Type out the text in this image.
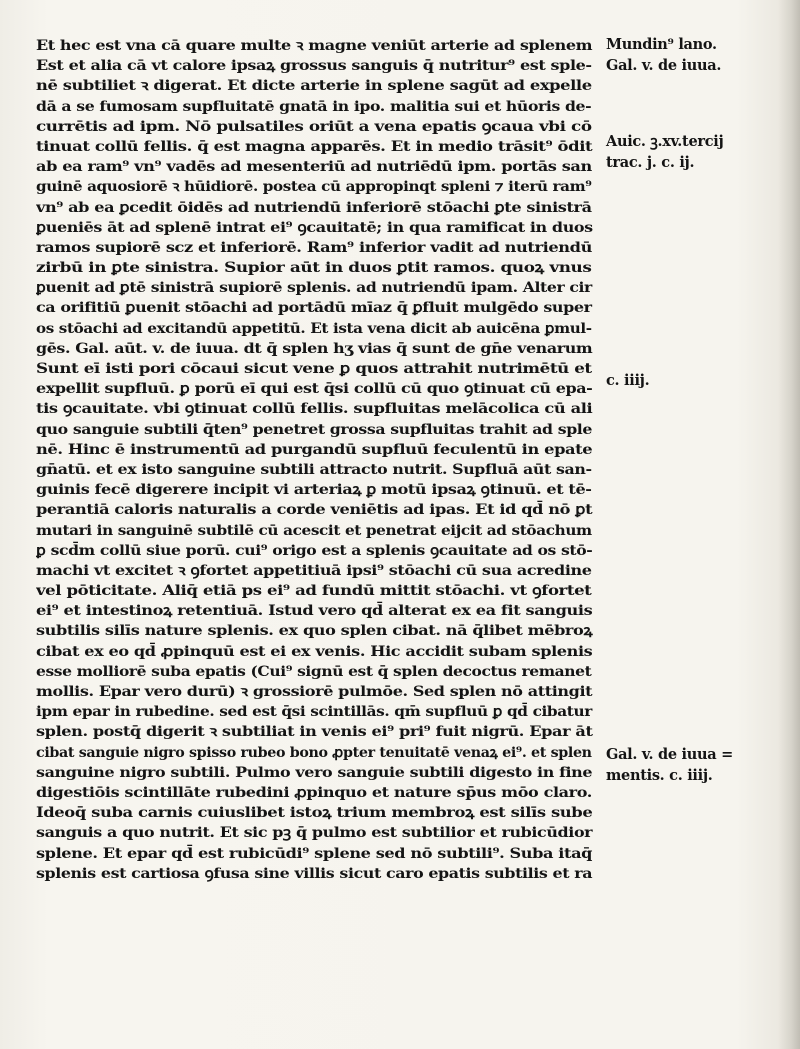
Et hec est vna cā quare multe ꝛ magne veniūt arterie ad splenem
Est et alia cā vt calore ipsaꝝ grossus sanguis q̄ nutritur⁹ est sple-
nē subtiliet ꝛ digerat. Et dicte arterie in splene sagūt ad expelle
dā a se fumosam supfluitatē gnatā in ipo. malitia sui et hūoris de-
currētis ad ipm. Nō pulsatiles oriūt a vena epatis ꝯcaua vbi cō
tinuat collū fellis. q̄ est magna apparēs. Et in medio trāsit⁹ ōdit
ab ea ram⁹ vn⁹ vadēs ad mesenteriū ad nutriēdū ipm. portās san
guinē aquosiorē ꝛ hūidiorē. postea cū appropinqt spleni ⁊ iterū ram⁹
vn⁹ ab ea ꝑcedit ōidēs ad nutriendū inferiorē stōachi ꝑte sinistrā
ꝑueniēs āt ad splenē intrat ei⁹ ꝯcauitatē; in qua ramificat in duos
ramos supiorē scz et inferiorē. Ram⁹ inferior vadit ad nutriendū
zirbū in ꝑte sinistra. Supior aūt in duos ꝑtit ramos. quoꝝ vnus
ꝑuenit ad ꝑtē sinistrā supiorē splenis. ad nutriendū ipam. Alter cir
ca orifitiū ꝑuenit stōachi ad portādū mīaz q̄ ꝑfluit mulgēdo super
os stōachi ad excitandū appetitū. Et ista vena dicit ab auicēna ꝑmul-
gēs. Gal. aūt. v. de iuua. dt q̄ splen hʒ vias q̄ sunt de gn̄e venarum
Sunt eī isti pori cōcaui sicut vene ꝑ quos attrahit nutrimētū et
expellit supfluū. ꝑ porū eī qui est q̄si collū cū quo ꝯtinuat cū epa-
tis ꝯcauitate. vbi ꝯtinuat collū fellis. supfluitas melācolica cū ali
quo sanguie subtili q̄ten⁹ penetret grossa supfluitas trahit ad sple
nē. Hinc ē instrumentū ad purgandū supfluū feculentū in epate
gn̄atū. et ex isto sanguine subtili attracto nutrit. Supfluā aūt san-
guinis fecē digerere incipit vi arteriaꝝ ꝑ motū ipsaꝝ ꝯtinuū. et tē-
perantiā caloris naturalis a corde veniētis ad ipas. Et id qd̄ nō ꝑt
mutari in sanguinē subtilē cū acescit et penetrat eijcit ad stōachum
ꝑ scd̄m collū siue porū. cui⁹ origo est a splenis ꝯcauitate ad os stō-
machi vt excitet ꝛ ꝯfortet appetitiuā ipsi⁹ stōachi cū sua acredine
vel pōticitate. Aliq̄ etiā ps ei⁹ ad fundū mittit stōachi. vt ꝯfortet
ei⁹ et intestinoꝝ retentiuā. Istud vero qd̄ alterat ex ea fit sanguis
subtilis silīs nature splenis. ex quo splen cibat. nā q̄libet mēbroꝝ
cibat ex eo qd̄ ꝓpinquū est ei ex venis. Hic accidit subam splenis
esse molliorē suba epatis (Cui⁹ signū est q̄ splen decoctus remanet
mollis. Epar vero durū) ꝛ grossiorē pulmōe. Sed splen nō attingit
ipm epar in rubedine. sed est q̄si scintillās. qm̄ supfluū ꝑ qd̄ cibatur
splen. postq̄ digerit ꝛ subtiliat in venis ei⁹ pri⁹ fuit nigrū. Epar āt
cibat sanguie nigro spisso rubeo bono ꝓpter tenuitatē venaꝝ ei⁹. et splen
sanguine nigro subtili. Pulmo vero sanguie subtili digesto in fine
digestiōis scintillāte rubedini ꝓpinquo et nature sp̄us mōo claro.
Ideoq̄ suba carnis cuiuslibet istoꝝ trium membroꝝ est silīs sube
sanguis a quo nutrit. Et sic pꝫ q̄ pulmo est subtilior et rubicūdior
splene. Et epar qd̄ est rubicūdi⁹ splene sed nō subtili⁹. Suba itaq̄
splenis est cartiosa ꝯfusa sine villis sicut caro epatis subtilis et ra
Mundin⁹ lano.
Gal. v. de iuua.
Auic. ꝫ.xv.tercij
trac. j. c. ij.
c. iiij.
Gal. v. de iuua =
mentis. c. iiij.
